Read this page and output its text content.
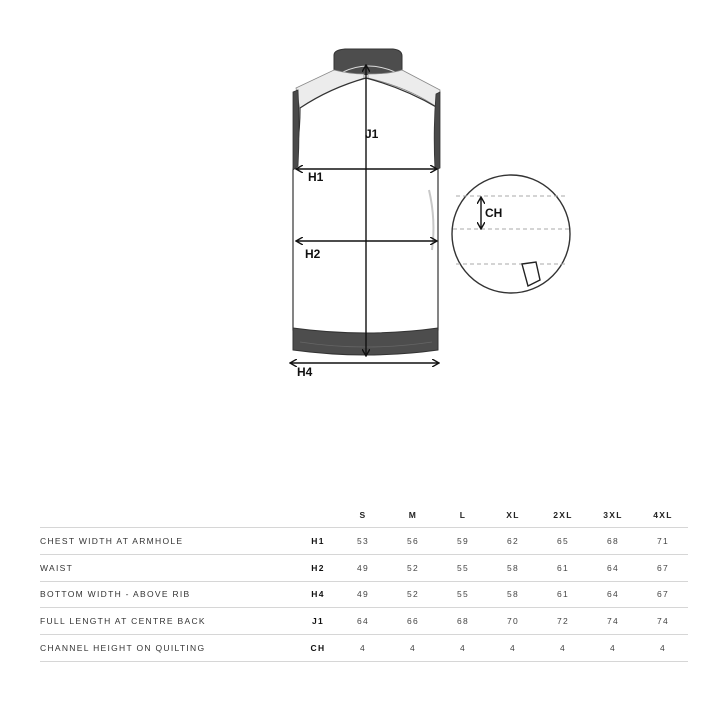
J1
H1
H2
H4
CH
		S	M	L	XL	2XL	3XL	4XL
CHEST WIDTH AT ARMHOLE	H1	53	56	59	62	65	68	71
WAIST	H2	49	52	55	58	61	64	67
BOTTOM WIDTH - ABOVE RIB	H4	49	52	55	58	61	64	67
FULL LENGTH AT CENTRE BACK	J1	64	66	68	70	72	74	74
CHANNEL HEIGHT ON QUILTING	CH	4	4	4	4	4	4	4
